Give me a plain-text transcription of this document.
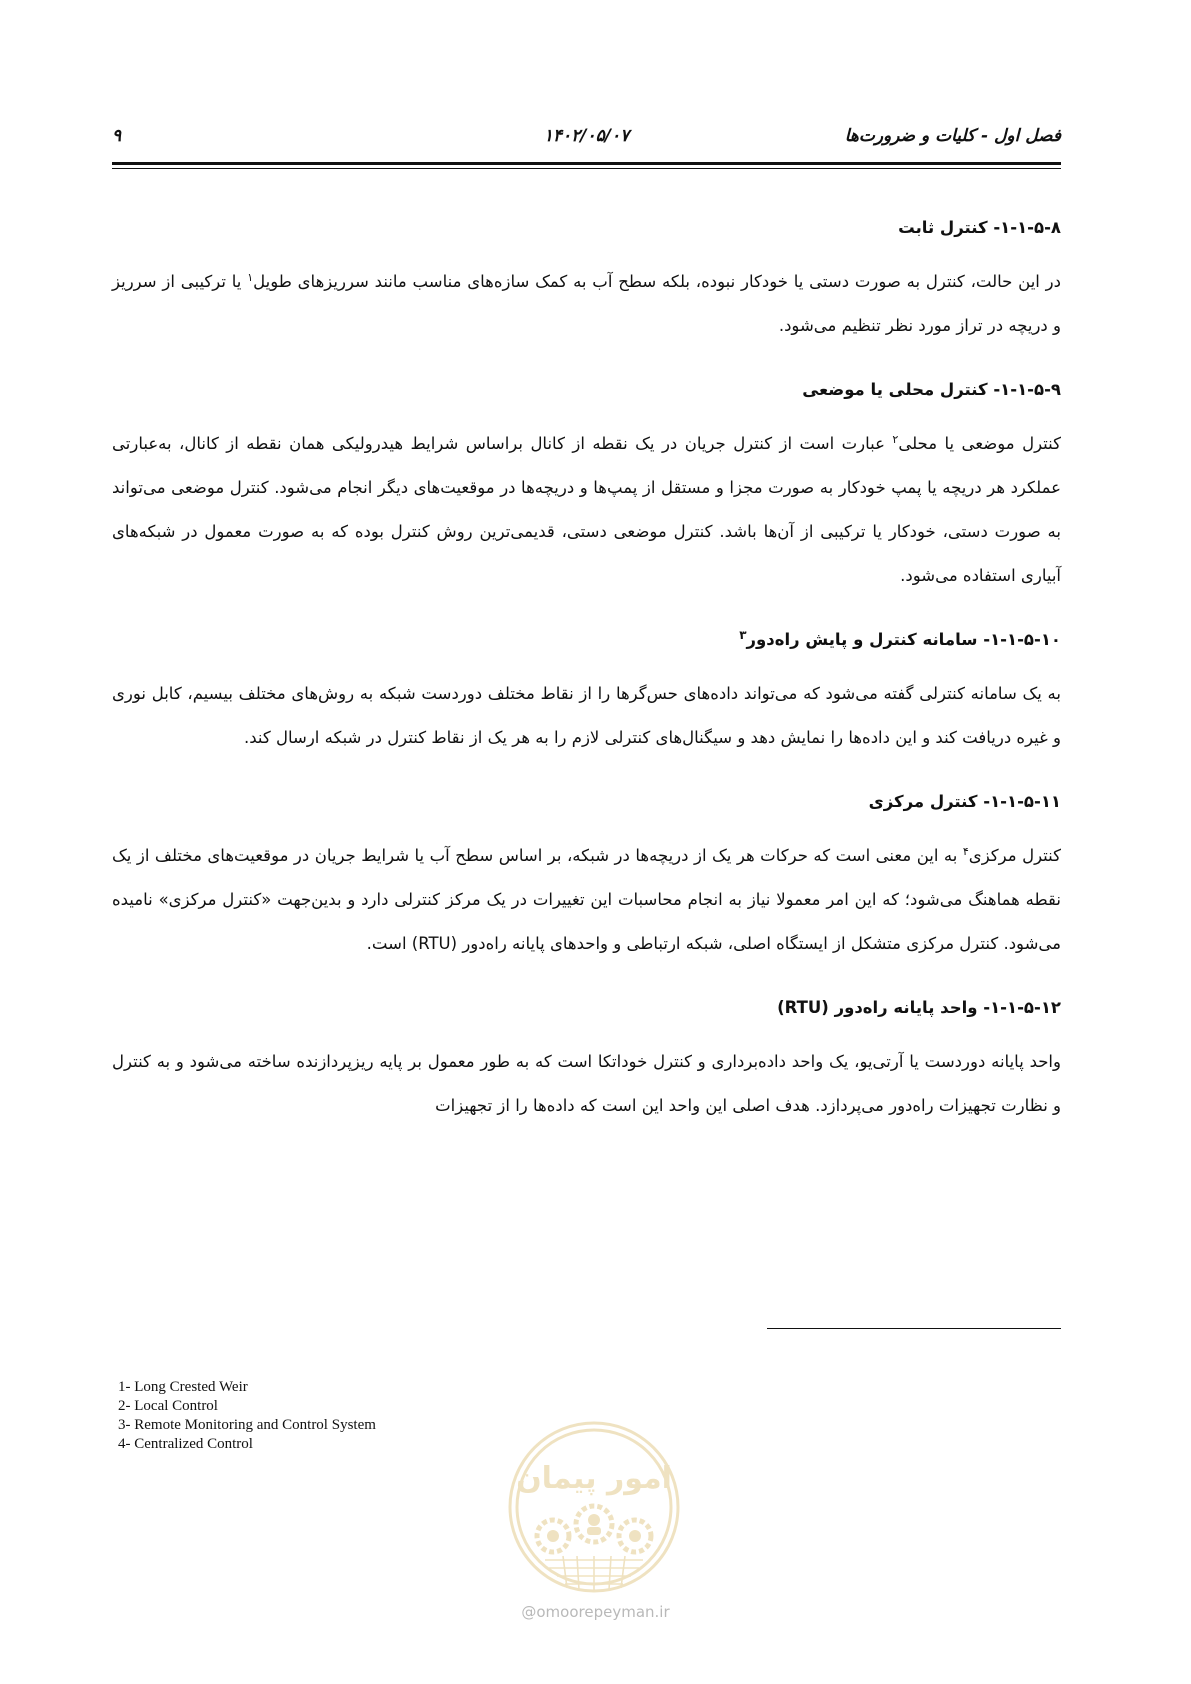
فصل اول - کلیات و ضرورت‌ها
۱۴۰۲/۰۵/۰۷
۹
۱-۱-۵-۸- کنترل ثابت

در این حالت، کنترل به صورت دستی یا خودکار نبوده، بلکه سطح آب به کمک سازه‌های مناسب مانند سرریزهای طویل$^۱$ یا ترکیبی از سرریز و دریچه در تراز مورد نظر تنظیم می‌شود.

۱-۱-۵-۹- کنترل محلی یا موضعی

کنترل موضعی یا محلی$^۲$ عبارت است از کنترل جریان در یک نقطه از کانال براساس شرایط هیدرولیکی همان نقطه از کانال، به‌عبارتی عملکرد هر دریچه یا پمپ خودکار به صورت مجزا و مستقل از پمپ‌ها و دریچه‌ها در موقعیت‌های دیگر انجام می‌شود. کنترل موضعی می‌تواند به صورت دستی، خودکار یا ترکیبی از آن‌ها باشد. کنترل موضعی دستی، قدیمی‌ترین روش کنترل بوده که به صورت معمول در شبکه‌های آبیاری استفاده می‌شود.

۱-۱-۵-۱۰- سامانه کنترل و پایش راه‌دور$^۳$

به یک سامانه کنترلی گفته می‌شود که می‌تواند داده‌های حس‌گرها را از نقاط مختلف دوردست شبکه به روش‌های مختلف بیسیم، کابل نوری و غیره دریافت کند و این داده‌ها را نمایش دهد و سیگنال‌های کنترلی لازم را به هر یک از نقاط کنترل در شبکه ارسال کند.

۱-۱-۵-۱۱- کنترل مرکزی

کنترل مرکزی$^۴$ به این معنی است که حرکات هر یک از دریچه‌ها در شبکه، بر اساس سطح آب یا شرایط جریان در موقعیت‌های مختلف از یک نقطه هماهنگ می‌شود؛ که این امر معمولا نیاز به انجام محاسبات این تغییرات در یک مرکز کنترلی دارد و بدین‌جهت «کنترل مرکزی» نامیده می‌شود. کنترل مرکزی متشکل از ایستگاه اصلی، شبکه ارتباطی و واحدهای پایانه راه‌دور (RTU) است.

۱-۱-۵-۱۲- واحد پایانه راه‌دور (RTU)

واحد پایانه دوردست یا آرتی‌یو، یک واحد داده‌برداری و کنترل خوداتکا است که به طور معمول بر پایه ریزپردازنده ساخته می‌شود و به کنترل و نظارت تجهیزات راه‌دور می‌پردازد. هدف اصلی این واحد این است که داده‌ها را از تجهیزات

1- Long Crested Weir
2- Local Control
3- Remote Monitoring and Control System
4- Centralized Control
امور پیمان
@omoorepeyman.ir
